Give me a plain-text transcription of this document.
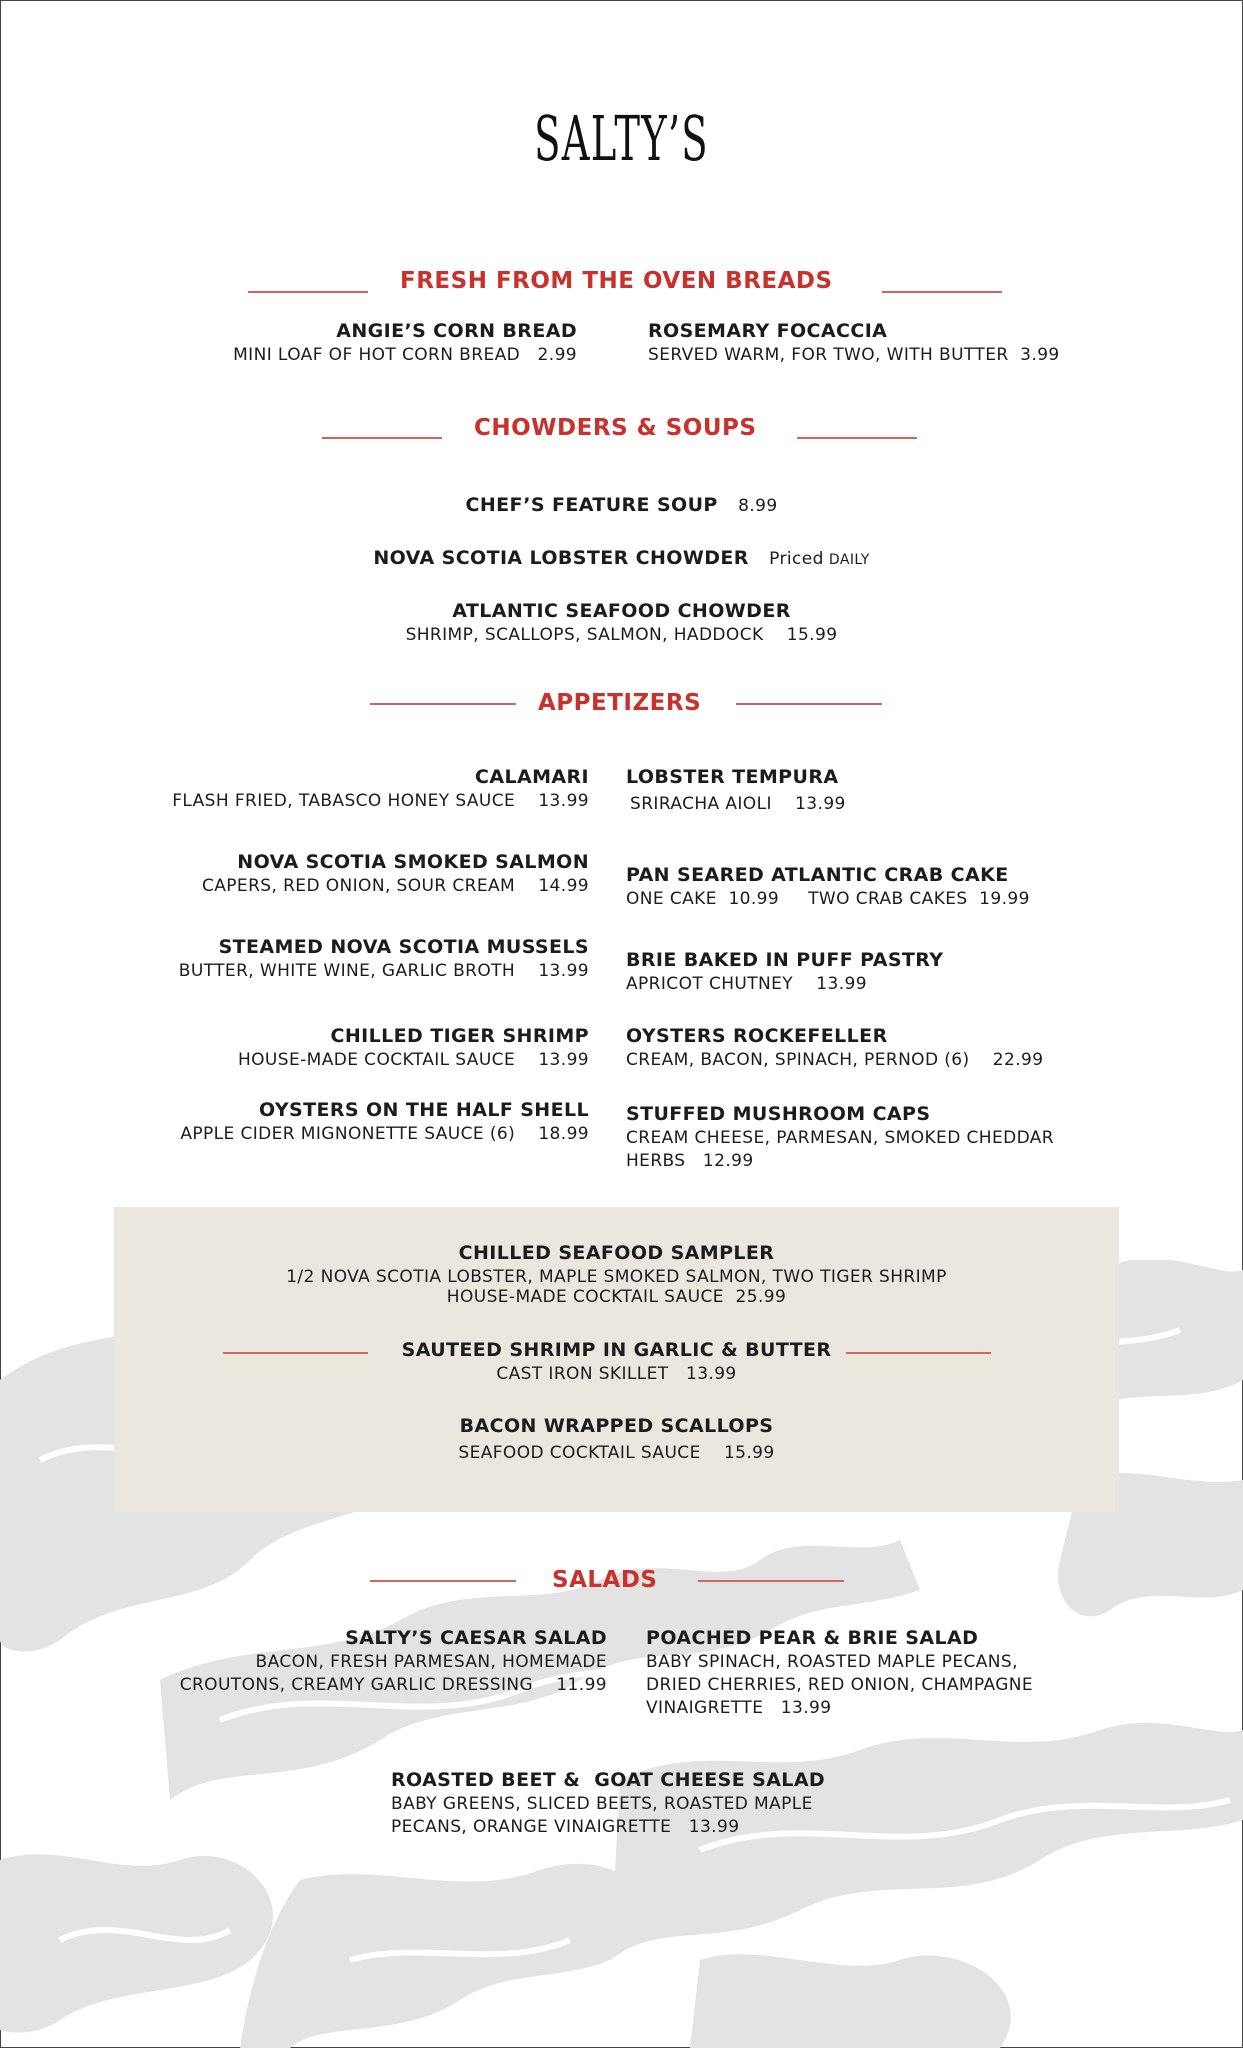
SALTY’S
FRESH FROM THE OVEN BREADS
ANGIE’S CORN BREAD
MINI LOAF OF HOT CORN BREAD 2.99
ROSEMARY FOCACCIA
SERVED WARM, FOR TWO, WITH BUTTER 3.99
CHOWDERS & SOUPS
CHEF’S FEATURE SOUP 8.99
NOVA SCOTIA LOBSTER CHOWDER Priced DAILY
ATLANTIC SEAFOOD CHOWDER
SHRIMP, SCALLOPS, SALMON, HADDOCK 15.99
APPETIZERS
CALAMARI
FLASH FRIED, TABASCO HONEY SAUCE 13.99
NOVA SCOTIA SMOKED SALMON
CAPERS, RED ONION, SOUR CREAM 14.99
STEAMED NOVA SCOTIA MUSSELS
BUTTER, WHITE WINE, GARLIC BROTH 13.99
CHILLED TIGER SHRIMP
HOUSE-MADE COCKTAIL SAUCE 13.99
OYSTERS ON THE HALF SHELL
APPLE CIDER MIGNONETTE SAUCE (6) 18.99
LOBSTER TEMPURA
SRIRACHA AIOLI 13.99
PAN SEARED ATLANTIC CRAB CAKE
ONE CAKE  10.99     TWO CRAB CAKES  19.99
BRIE BAKED IN PUFF PASTRY
APRICOT CHUTNEY 13.99
OYSTERS ROCKEFELLER
CREAM, BACON, SPINACH, PERNOD (6) 22.99
STUFFED MUSHROOM CAPS
CREAM CHEESE, PARMESAN, SMOKED CHEDDAR
HERBS 12.99
CHILLED SEAFOOD SAMPLER
1/2 NOVA SCOTIA LOBSTER, MAPLE SMOKED SALMON, TWO TIGER SHRIMP
HOUSE-MADE COCKTAIL SAUCE 25.99
SAUTEED SHRIMP IN GARLIC & BUTTER
CAST IRON SKILLET 13.99
BACON WRAPPED SCALLOPS
SEAFOOD COCKTAIL SAUCE 15.99
SALADS
SALTY’S CAESAR SALAD
BACON, FRESH PARMESAN, HOMEMADE
CROUTONS, CREAMY GARLIC DRESSING 11.99
POACHED PEAR & BRIE SALAD
BABY SPINACH, ROASTED MAPLE PECANS,
DRIED CHERRIES, RED ONION, CHAMPAGNE
VINAIGRETTE 13.99
ROASTED BEET &  GOAT CHEESE SALAD
BABY GREENS, SLICED BEETS, ROASTED MAPLE
PECANS, ORANGE VINAIGRETTE 13.99
